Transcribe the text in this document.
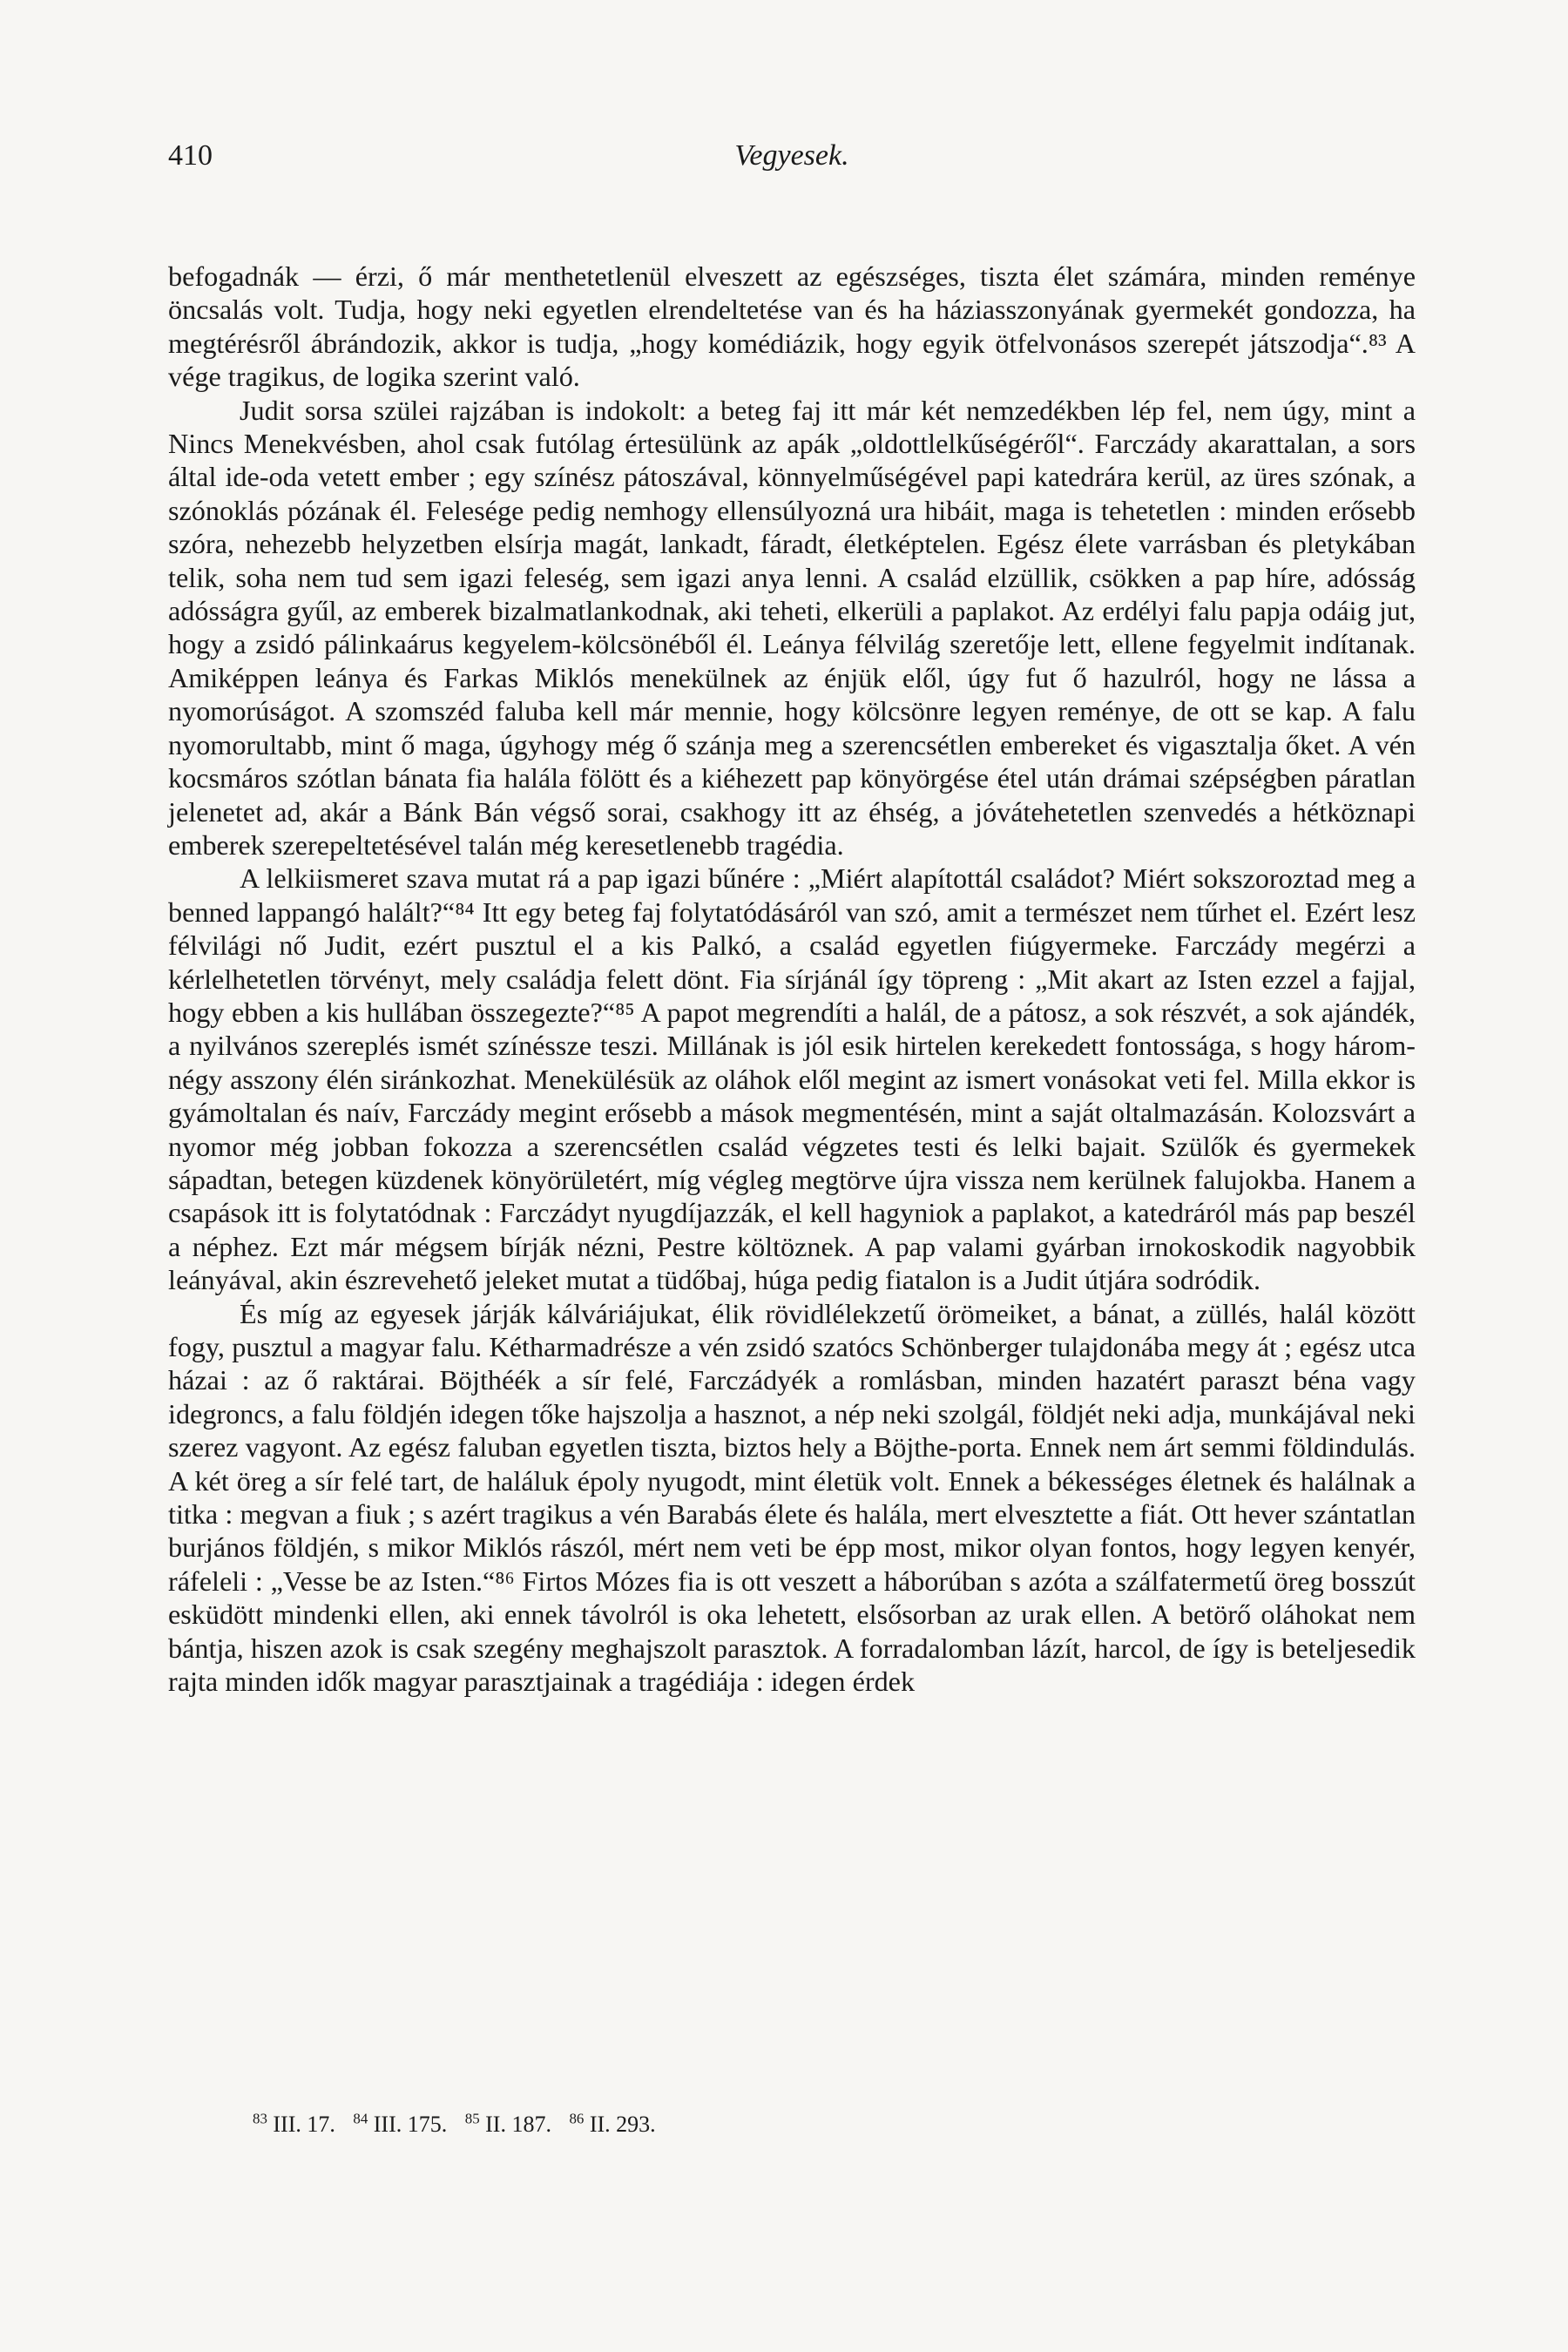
410	Vegyesek.

befogadnák — érzi, ő már menthetetlenül elveszett az egészséges, tiszta élet számára, minden reménye öncsalás volt. Tudja, hogy neki egyetlen elrendeltetése van és ha háziasszonyának gyermekét gondozza, ha megtérésről ábrándozik, akkor is tudja, „hogy komédiázik, hogy egyik ötfelvonásos szerepét játszodja“.⁸³ A vége tragikus, de logika szerint való.

Judit sorsa szülei rajzában is indokolt: a beteg faj itt már két nemzedékben lép fel, nem úgy, mint a Nincs Menekvésben, ahol csak futólag értesülünk az apák „oldottlelkűségéről“. Farczády akarattalan, a sors által ide-oda vetett ember ; egy színész pátoszával, könnyelműségével papi katedrára kerül, az üres szónak, a szónoklás pózának él. Felesége pedig nemhogy ellensúlyozná ura hibáit, maga is tehetetlen : minden erősebb szóra, nehezebb helyzetben elsírja magát, lankadt, fáradt, életképtelen. Egész élete varrásban és pletykában telik, soha nem tud sem igazi feleség, sem igazi anya lenni. A család elzüllik, csökken a pap híre, adósság adósságra gyűl, az emberek bizalmatlankodnak, aki teheti, elkerüli a paplakot. Az erdélyi falu papja odáig jut, hogy a zsidó pálinkaárus kegyelem-kölcsönéből él. Leánya félvilág szeretője lett, ellene fegyelmit indítanak. Amiképpen leánya és Farkas Miklós menekülnek az énjük elől, úgy fut ő hazulról, hogy ne lássa a nyomorúságot. A szomszéd faluba kell már mennie, hogy kölcsönre legyen reménye, de ott se kap. A falu nyomorultabb, mint ő maga, úgyhogy még ő szánja meg a szerencsétlen embereket és vigasztalja őket. A vén kocsmáros szótlan bánata fia halála fölött és a kiéhezett pap könyörgése étel után drámai szépségben páratlan jelenetet ad, akár a Bánk Bán végső sorai, csakhogy itt az éhség, a jóvátehetetlen szenvedés a hétköznapi emberek szerepeltetésével talán még keresetlenebb tragédia.

A lelkiismeret szava mutat rá a pap igazi bűnére : „Miért alapítottál családot? Miért sokszoroztad meg a benned lappangó halált?“⁸⁴ Itt egy beteg faj folytatódásáról van szó, amit a természet nem tűrhet el. Ezért lesz félvilági nő Judit, ezért pusztul el a kis Palkó, a család egyetlen fiúgyermeke. Farczády megérzi a kérlelhetetlen törvényt, mely családja felett dönt. Fia sírjánál így töpreng : „Mit akart az Isten ezzel a fajjal, hogy ebben a kis hullában összegezte?“⁸⁵ A papot megrendíti a halál, de a pátosz, a sok részvét, a sok ajándék, a nyilvános szereplés ismét színéssze teszi. Millának is jól esik hirtelen kerekedett fontossága, s hogy három-négy asszony élén siránkozhat. Menekülésük az oláhok elől megint az ismert vonásokat veti fel. Milla ekkor is gyámoltalan és naív, Farczády megint erősebb a mások megmentésén, mint a saját oltalmazásán. Kolozsvárt a nyomor még jobban fokozza a szerencsétlen család végzetes testi és lelki bajait. Szülők és gyermekek sápadtan, betegen küzdenek könyörületért, míg végleg megtörve újra vissza nem kerülnek falujokba. Hanem a csapások itt is folytatódnak : Farczádyt nyugdíjazzák, el kell hagyniok a paplakot, a katedráról más pap beszél a néphez. Ezt már mégsem bírják nézni, Pestre költöznek. A pap valami gyárban irnokoskodik nagyobbik leányával, akin észrevehető jeleket mutat a tüdőbaj, húga pedig fiatalon is a Judit útjára sodródik.

És míg az egyesek járják kálváriájukat, élik rövidlélekzetű örömeiket, a bánat, a züllés, halál között fogy, pusztul a magyar falu. Kétharmadrésze a vén zsidó szatócs Schönberger tulajdonába megy át ; egész utca házai : az ő raktárai. Böjthéék a sír felé, Farczádyék a romlásban, minden hazatért paraszt béna vagy idegroncs, a falu földjén idegen tőke hajszolja a hasznot, a nép neki szolgál, földjét neki adja, munkájával neki szerez vagyont. Az egész faluban egyetlen tiszta, biztos hely a Böjthe-porta. Ennek nem árt semmi földindulás. A két öreg a sír felé tart, de haláluk époly nyugodt, mint életük volt. Ennek a békességes életnek és halálnak a titka : megvan a fiuk ; s azért tragikus a vén Barabás élete és halála, mert elvesztette a fiát. Ott hever szántatlan burjános földjén, s mikor Miklós rászól, mért nem veti be épp most, mikor olyan fontos, hogy legyen kenyér, ráfeleli : „Vesse be az Isten.“⁸⁶ Firtos Mózes fia is ott veszett a háborúban s azóta a szálfatermetű öreg bosszút esküdött mindenki ellen, aki ennek távolról is oka lehetett, elsősorban az urak ellen. A betörő oláhokat nem bántja, hiszen azok is csak szegény meghajszolt parasztok. A forradalomban lázít, harcol, de így is beteljesedik rajta minden idők magyar parasztjainak a tragédiája : idegen érdek

$^{83}$ III. 17. $^{84}$ III. 175. $^{85}$ II. 187. $^{86}$ II. 293.
